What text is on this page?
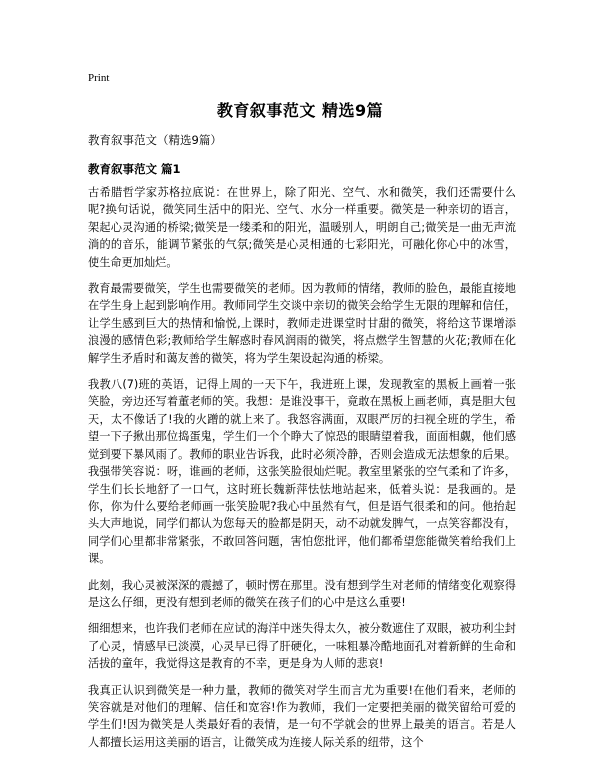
Print
教育叙事范文 精选9篇
教育叙事范文（精选9篇）
教育叙事范文 篇1

古希腊哲学家苏格拉底说：在世界上，除了阳光、空气、水和微笑，我们还需要什么呢?换句话说，微笑同生活中的阳光、空气、水分一样重要。微笑是一种亲切的语言，架起心灵沟通的桥梁;微笑是一缕柔和的阳光，温暖别人，明朗自己;微笑是一曲无声流淌的的音乐，能调节紧张的气氛;微笑是心灵相通的七彩阳光，可融化你心中的冰雪，使生命更加灿烂。

教育最需要微笑，学生也需要微笑的老师。因为教师的情绪，教师的脸色，最能直接地在学生身上起到影响作用。教师同学生交谈中亲切的微笑会给学生无限的理解和信任，让学生感到巨大的热情和愉悦,上课时，教师走进课堂时甘甜的微笑，将给这节课增添浪漫的感情色彩;教师给学生解惑时春风润雨的微笑，将点燃学生智慧的火花;教师在化解学生矛盾时和蔼友善的微笑，将为学生架设起沟通的桥梁。

我教八(7)班的英语，记得上周的一天下午，我进班上课，发现教室的黑板上画着一张笑脸，旁边还写着董老师的笑。我想：是谁没事干，竟敢在黑板上画老师，真是胆大包天，太不像话了!我的火蹭的就上来了。我怒容满面，双眼严厉的扫视全班的学生，希望一下子揪出那位捣蛋鬼，学生们一个个睁大了惊恐的眼睛望着我，面面相觑，他们感觉到要下暴风雨了。教师的职业告诉我，此时必须冷静，否则会造成无法想象的后果。我强带笑容说：呀，谁画的老师，这张笑脸很灿烂呢。教室里紧张的空气柔和了许多，学生们长长地舒了一口气，这时班长魏新萍怯怯地站起来，低着头说：是我画的。是你，你为什么要给老师画一张笑脸呢?我心中虽然有气，但是语气很柔和的问。他抬起头大声地说，同学们都认为您每天的脸都是阴天，动不动就发脾气，一点笑容都没有，同学们心里都非常紧张，不敢回答问题，害怕您批评，他们都希望您能微笑着给我们上课。

此刻，我心灵被深深的震撼了，顿时愣在那里。没有想到学生对老师的情绪变化观察得是这么仔细，更没有想到老师的微笑在孩子们的心中是这么重要!

细细想来，也许我们老师在应试的海洋中迷失得太久，被分数遮住了双眼，被功利尘封了心灵，情感早已淡漠，心灵早已得了肝硬化，一味粗暴冷酷地面孔对着新鲜的生命和活拔的童年，我觉得这是教育的不幸，更是身为人师的悲哀!

我真正认识到微笑是一种力量，教师的微笑对学生而言尤为重要!在他们看来，老师的笑容就是对他们的理解、信任和宽容!作为教师，我们一定要把美丽的微笑留给可爱的学生们!因为微笑是人类最好看的表情，是一句不学就会的世界上最美的语言。若是人人都擅长运用这美丽的语言，让微笑成为连接人际关系的纽带，这个
